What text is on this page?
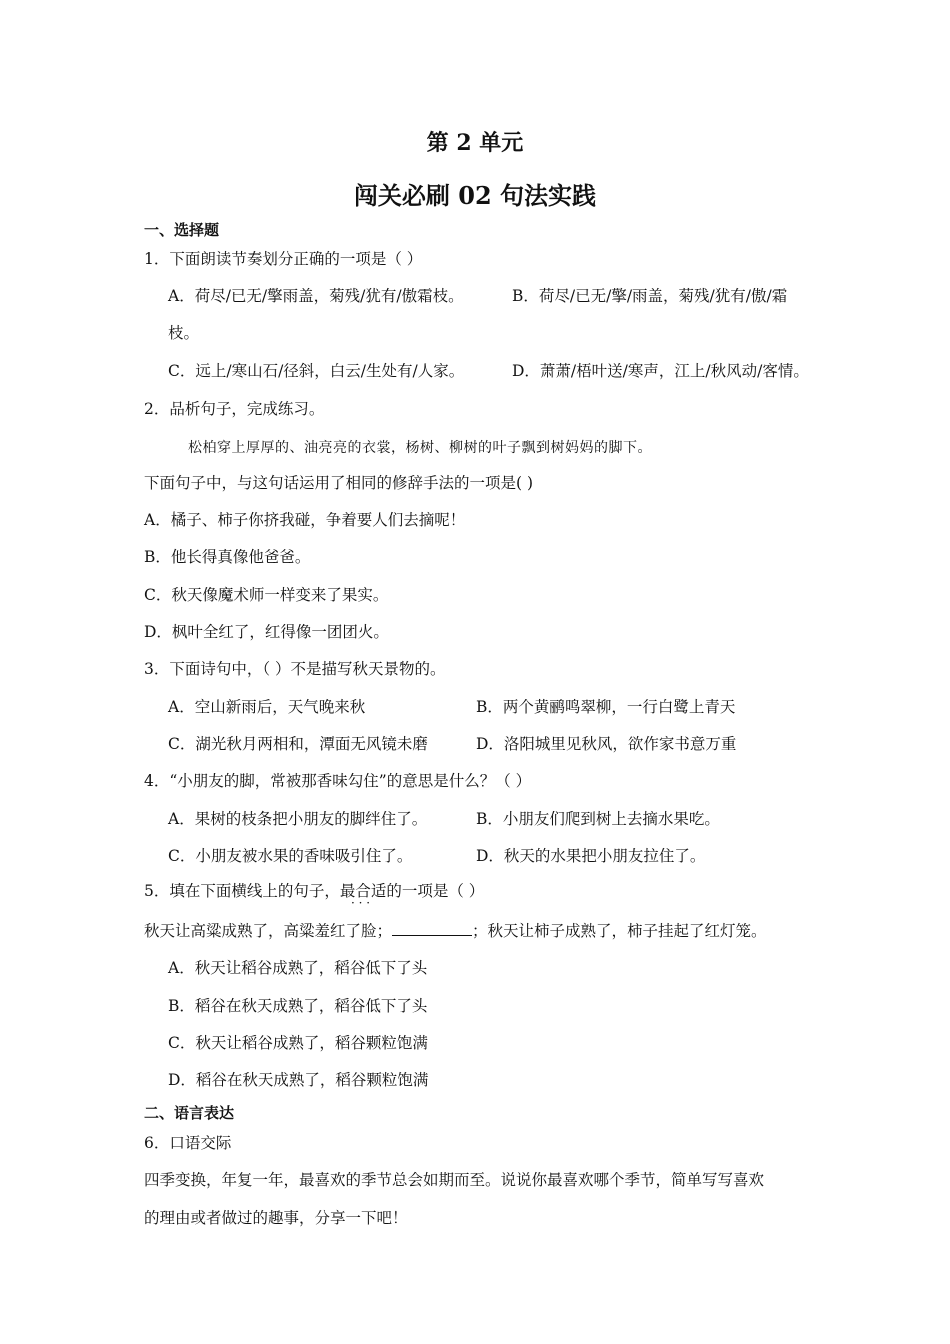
第 2 单元
闯关必刷 02 句法实践
一、选择题
1．下面朗读节奏划分正确的一项是（ ）
A．荷尽/已无/擎雨盖，菊残/犹有/傲霜枝。	B．荷尽/已无/擎/雨盖，菊残/犹有/傲/霜
枝。
C．远上/寒山石/径斜，白云/生处有/人家。	D．萧萧/梧叶送/寒声，江上/秋风动/客情。
2．品析句子，完成练习。
松柏穿上厚厚的、油亮亮的衣裳，杨树、柳树的叶子飘到树妈妈的脚下。
下面句子中，与这句话运用了相同的修辞手法的一项是( )
A．橘子、柿子你挤我碰，争着要人们去摘呢！
B．他长得真像他爸爸。
C．秋天像魔术师一样变来了果实。
D．枫叶全红了，红得像一团团火。
3．下面诗句中，（ ）不是描写秋天景物的。
A．空山新雨后，天气晚来秋	B．两个黄鹂鸣翠柳，一行白鹭上青天
C．湖光秋月两相和，潭面无风镜未磨	D．洛阳城里见秋风，欲作家书意万重
4．“小朋友的脚，常被那香味勾住”的意思是什么？（ ）
A．果树的枝条把小朋友的脚绊住了。	B．小朋友们爬到树上去摘水果吃。
C．小朋友被水果的香味吸引住了。	D．秋天的水果把小朋友拉住了。
5．填在下面横线上的句子，最合适的一项是（ ）
· · ·
秋天让高粱成熟了，高粱羞红了脸；	；秋天让柿子成熟了，柿子挂起了红灯笼。
A．秋天让稻谷成熟了，稻谷低下了头
B．稻谷在秋天成熟了，稻谷低下了头
C．秋天让稻谷成熟了，稻谷颗粒饱满
D．稻谷在秋天成熟了，稻谷颗粒饱满
二、语言表达
6．口语交际
四季变换，年复一年，最喜欢的季节总会如期而至。说说你最喜欢哪个季节，简单写写喜欢
的理由或者做过的趣事，分享一下吧！
